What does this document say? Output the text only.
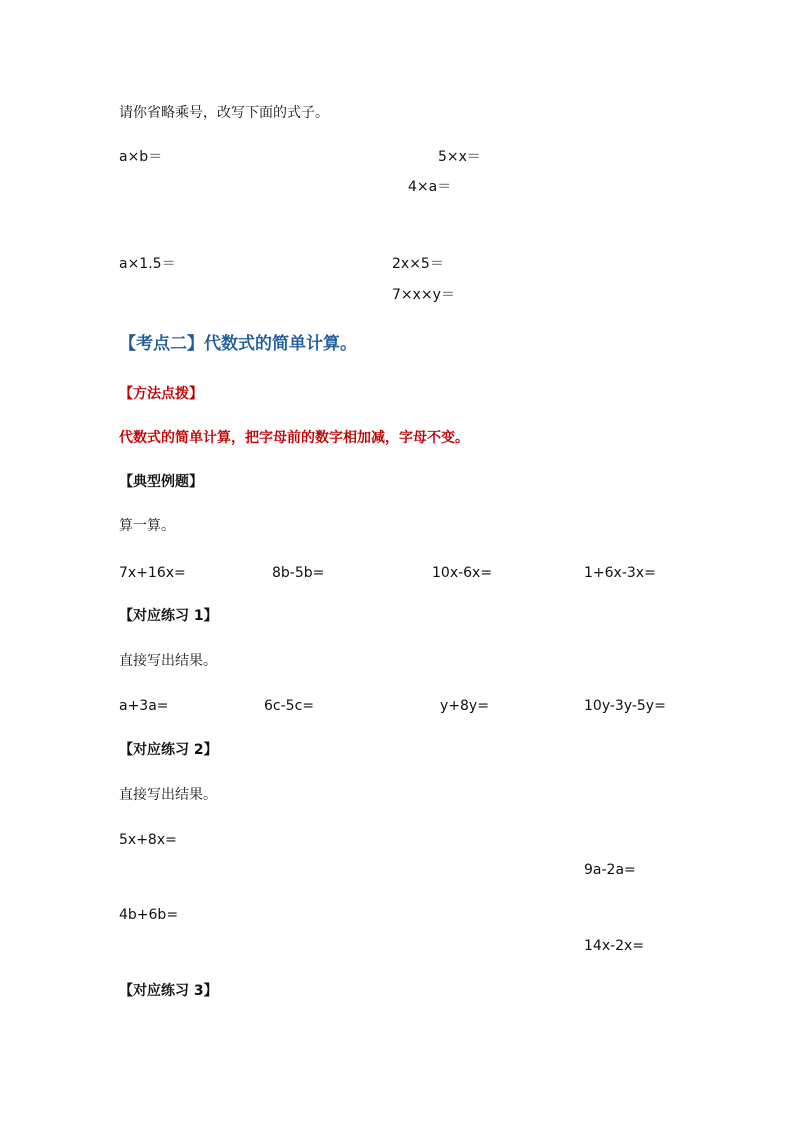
请你省略乘号，改写下面的式子。
a×b＝	5×x＝
4×a＝
a×1.5＝	2x×5＝
7×x×y＝
【考点二】代数式的简单计算。
【方法点拨】
代数式的简单计算，把字母前的数字相加减，字母不变。
【典型例题】
算一算。
7x+16x=	8b-5b=	10x-6x=	1+6x-3x=
【对应练习 1】
直接写出结果。
a+3a=	6c-5c=	y+8y=	10y-3y-5y=
【对应练习 2】
直接写出结果。
5x+8x=
9a-2a=
4b+6b=
14x-2x=
【对应练习 3】
